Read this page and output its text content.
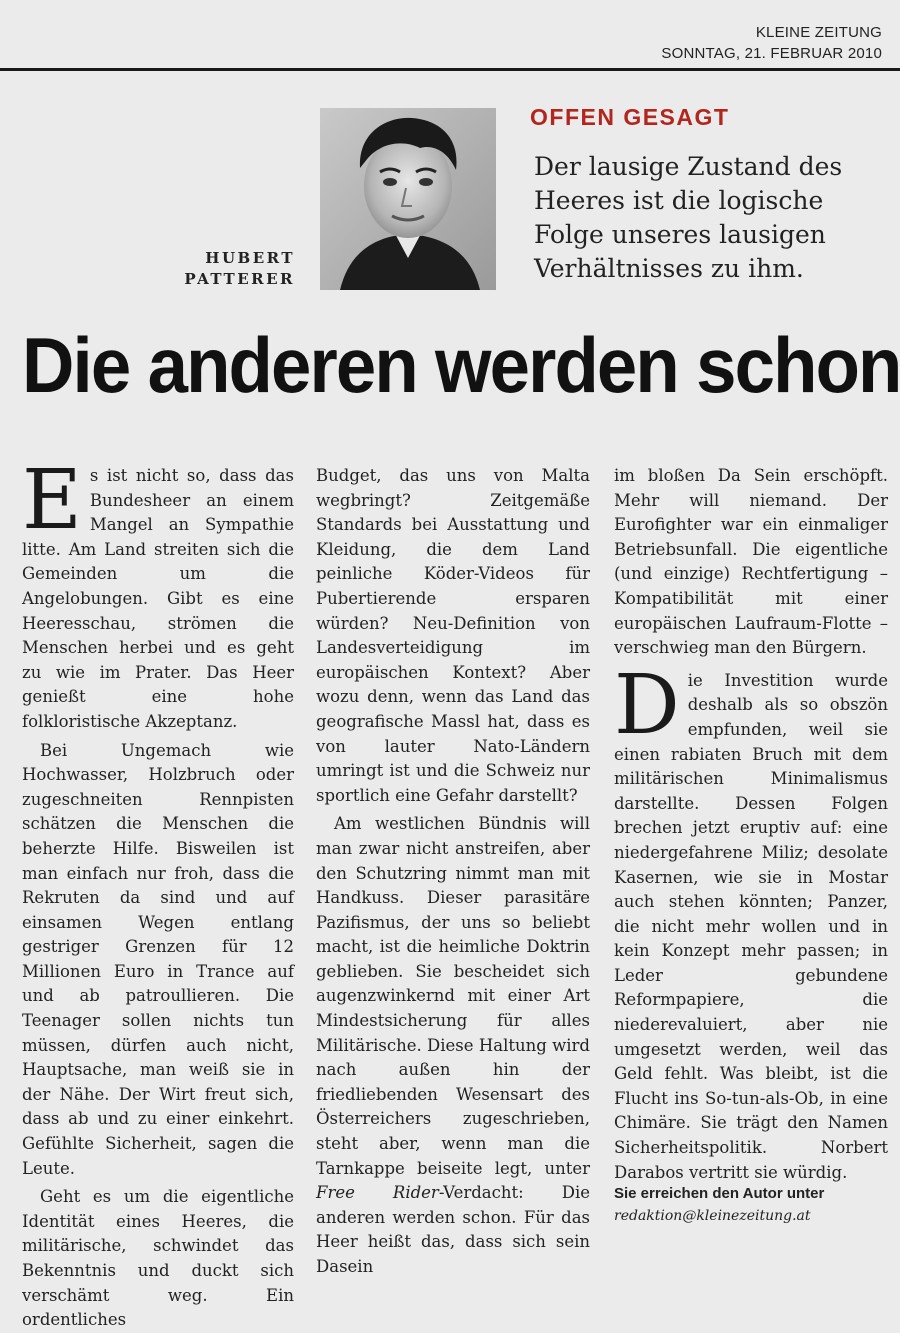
KLEINE ZEITUNG
SONNTAG, 21. FEBRUAR 2010
HUBERT
PATTERER
OFFEN GESAGT

Der lausige Zustand des Heeres ist die logische Folge unseres lausigen Verhältnisses zu ihm.

Die anderen werden schon

Es ist nicht so, dass das Bundesheer an einem Mangel an Sympathie litte. Am Land streiten sich die Gemeinden um die Angelobungen. Gibt es eine Heeresschau, strömen die Menschen herbei und es geht zu wie im Prater. Das Heer genießt eine hohe folkloristische Akzeptanz.

Bei Ungemach wie Hochwasser, Holzbruch oder zugeschneiten Rennpisten schätzen die Menschen die beherzte Hilfe. Bisweilen ist man einfach nur froh, dass die Rekruten da sind und auf einsamen Wegen entlang gestriger Grenzen für 12 Millionen Euro in Trance auf und ab patroullieren. Die Teenager sollen nichts tun müssen, dürfen auch nicht, Hauptsache, man weiß sie in der Nähe. Der Wirt freut sich, dass ab und zu einer einkehrt. Gefühlte Sicherheit, sagen die Leute.

Geht es um die eigentliche Identität eines Heeres, die militärische, schwindet das Bekenntnis und duckt sich verschämt weg. Ein ordentliches

Budget, das uns von Malta wegbringt? Zeitgemäße Standards bei Ausstattung und Kleidung, die dem Land peinliche Köder-Videos für Pubertierende ersparen würden? Neu-Definition von Landesverteidigung im europäischen Kontext? Aber wozu denn, wenn das Land das geografische Massl hat, dass es von lauter Nato-Ländern umringt ist und die Schweiz nur sportlich eine Gefahr darstellt?

Am westlichen Bündnis will man zwar nicht anstreifen, aber den Schutzring nimmt man mit Handkuss. Dieser parasitäre Pazifismus, der uns so beliebt macht, ist die heimliche Doktrin geblieben. Sie bescheidet sich augenzwinkernd mit einer Art Mindestsicherung für alles Militärische. Diese Haltung wird nach außen hin der friedliebenden Wesensart des Österreichers zugeschrieben, steht aber, wenn man die Tarnkappe beiseite legt, unter Free Rider-Verdacht: Die anderen werden schon. Für das Heer heißt das, dass sich sein Dasein

im bloßen Da Sein erschöpft. Mehr will niemand. Der Eurofighter war ein einmaliger Betriebsunfall. Die eigentliche (und einzige) Rechtfertigung – Kompatibilität mit einer europäischen Laufraum-Flotte – verschwieg man den Bürgern.

Die Investition wurde deshalb als so obszön empfunden, weil sie einen rabiaten Bruch mit dem militärischen Minimalismus darstellte. Dessen Folgen brechen jetzt eruptiv auf: eine niedergefahrene Miliz; desolate Kasernen, wie sie in Mostar auch stehen könnten; Panzer, die nicht mehr wollen und in kein Konzept mehr passen; in Leder gebundene Reformpapiere, die niederevaluiert, aber nie umgesetzt werden, weil das Geld fehlt. Was bleibt, ist die Flucht ins So-tun-als-Ob, in eine Chimäre. Sie trägt den Namen Sicherheitspolitik. Norbert Darabos vertritt sie würdig.

Sie erreichen den Autor unter
redaktion@kleinezeitung.at
